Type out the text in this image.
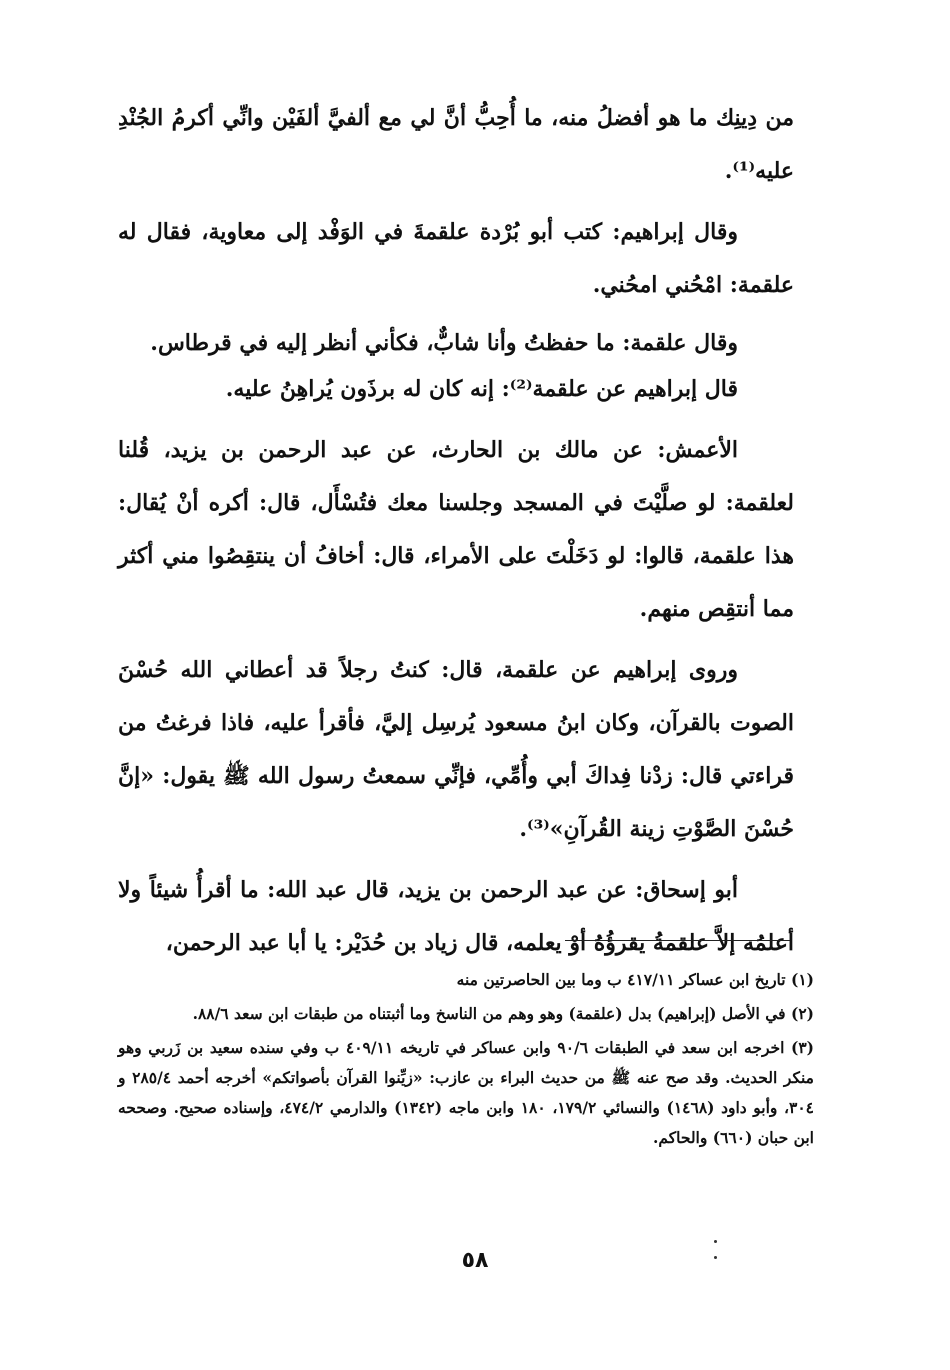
من دِينِك ما هو أفضلُ منه، ما أُحِبُّ أنَّ لي مع ألفيَّ ألفَيْن وانِّي أكرمُ الجُنْدِ عليه⁽¹⁾.

وقال إبراهيم: كتب أبو بُرْدة علقمةَ في الوَفْد إلى معاوية، فقال له علقمة: امْحُني امحُني.

وقال علقمة: ما حفظتُ وأنا شابٌّ، فكأني أنظر إليه في قرطاس.

قال إبراهيم عن علقمة⁽²⁾: إنه كان له برذَون يُراهِنُ عليه.

الأعمش: عن مالك بن الحارث، عن عبد الرحمن بن يزيد، قُلنا لعلقمة: لو صلَّيْتَ في المسجد وجلسنا معك فتُسْأَل، قال: أكره أنْ يُقال: هذا علقمة، قالوا: لو دَخَلْتَ على الأمراء، قال: أخافُ أن ينتقِصُوا مني أكثر مما أنتقِص منهم.

وروى إبراهيم عن علقمة، قال: كنتُ رجلاً قد أعطاني الله حُسْنَ الصوت بالقرآن، وكان ابنُ مسعود يُرسِل إليَّ، فأقرأ عليه، فاذا فرغتُ من قراءتي قال: زدْنا فِداكَ أبي وأُمِّي، فإنِّي سمعتُ رسول الله ﷺ يقول: «إنَّ حُسْنَ الصَّوْتِ زينة القُرآنِ»⁽³⁾.

أبو إسحاق: عن عبد الرحمن بن يزيد، قال عبد الله: ما أقرأُ شيئاً ولا أعلمُه إلاَّ علقمةُ يقرؤُهُ أوْ يعلمه، قال زياد بن حُدَيْر: يا أبا عبد الرحمن،

(١) تاريخ ابن عساكر ٤١٧/١١ ب وما بين الحاصرتين منه

(٢) في الأصل (إبراهيم) بدل (علقمة) وهو وهم من الناسخ وما أثبتناه من طبقات ابن سعد ٨٨/٦.

(٣) اخرجه ابن سعد في الطبقات ٩٠/٦ وابن عساكر في تاريخه ٤٠٩/١١ ب وفي سنده سعيد بن زَربي وهو منكر الحديث. وقد صح عنه ﷺ من حديث البراء بن عازب: «زيِّنوا القرآن بأصواتكم» أخرجه أحمد ٢٨٥/٤ و ٣٠٤، وأبو داود (١٤٦٨) والنسائي ١٧٩/٢، ١٨٠ وابن ماجه (١٣٤٢) والدارمي ٤٧٤/٢، وإسناده صحيح. وصححه ابن حبان (٦٦٠) والحاكم.

٥٨
